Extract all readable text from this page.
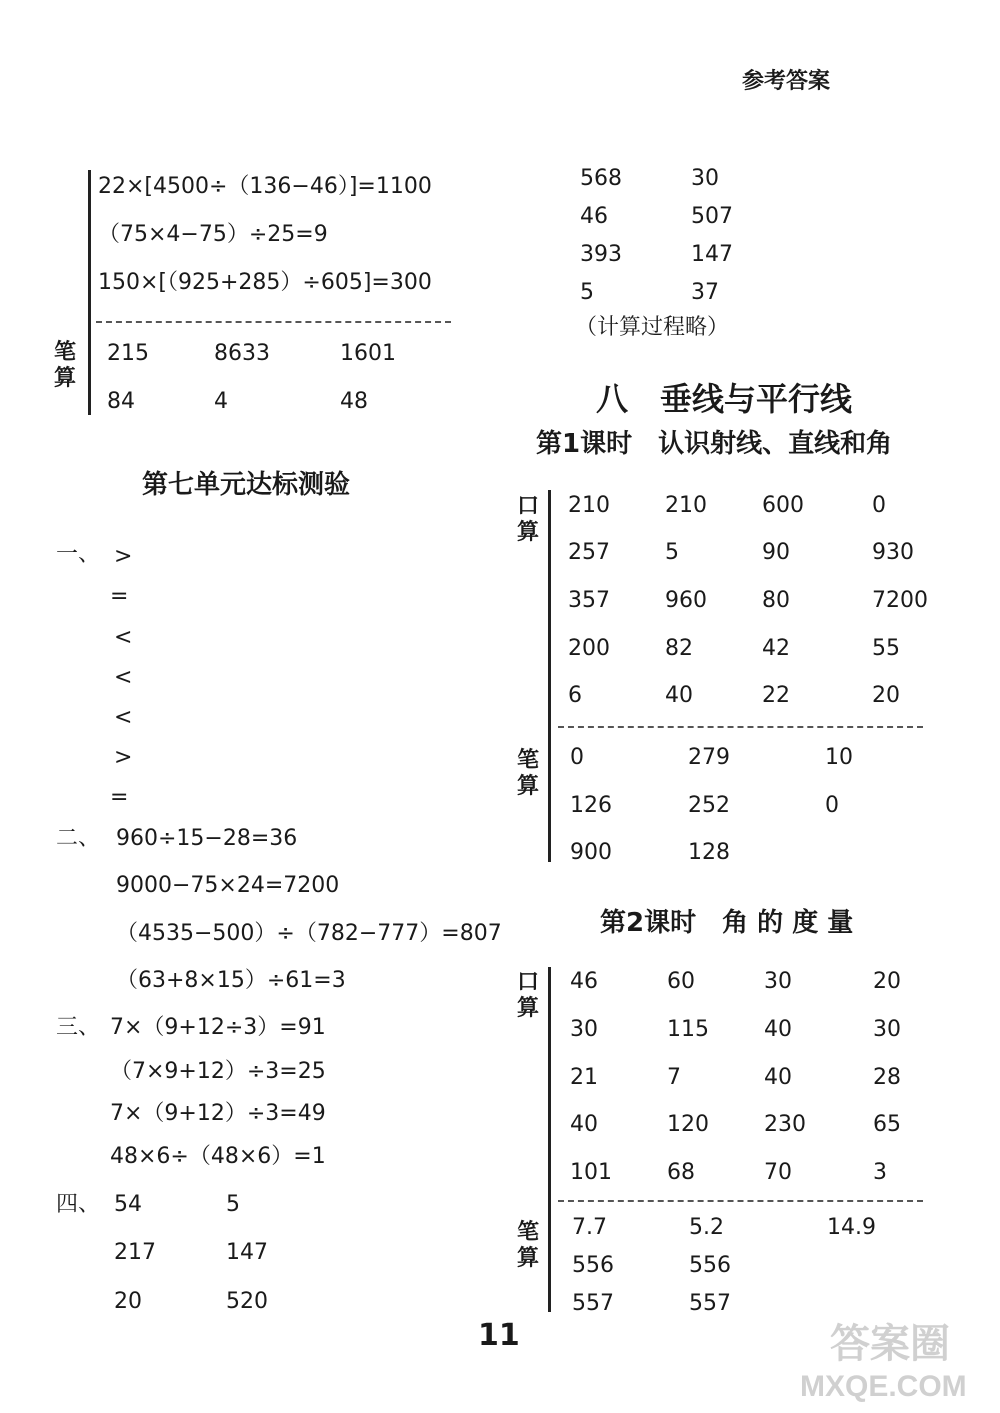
参考答案
22×[4500÷（136−46）]=1100
（75×4−75）÷25=9
150×[（925+285）÷605]=300
笔
算
215	8633	1601
84	4	48
第七单元达标测验
一、 >
=
<
<
<
>
=
二、 960÷15−28=36
9000−75×24=7200
（4535−500）÷（782−777）=807
（63+8×15）÷61=3
三、 7×（9+12÷3）=91
（7×9+12）÷3=25
7×（9+12）÷3=49
48×6÷（48×6）=1
四、 54	5
217	147
20	520
568	30
46	507
393	147
5	37
（计算过程略）
八　垂线与平行线
第1课时　认识射线、直线和角
口
算
210	210	600	0
257	5	90	930
357	960	80	7200
200	82	42	55
6	40	22	20
笔
算
0	279	10
126	252	0
900	128
第2课时　角 的 度 量
口
算
46	60	30	20
30	115	40	30
21	7	40	28
40	120	230	65
101	68	70	3
笔
算
7.7	5.2	14.9
556	556
557	557
11	答案圈
MXQE.COM
